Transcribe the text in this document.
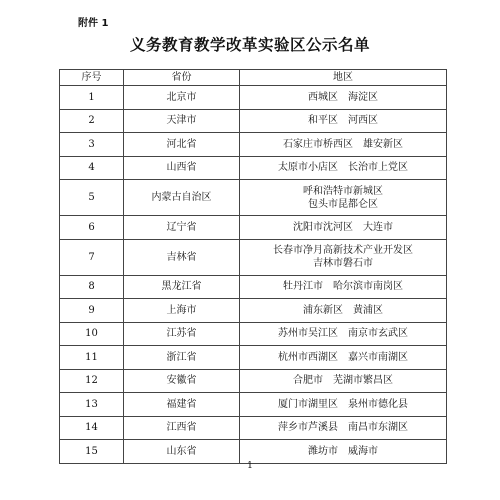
附件 1
义务教育教学改革实验区公示名单
序号	省份	地区
1	北京市	西城区　海淀区
2	天津市	和平区　河西区
3	河北省	石家庄市桥西区　雄安新区
4	山西省	太原市小店区　长治市上党区
5	内蒙古自治区	呼和浩特市新城区
包头市昆都仑区

6	辽宁省	沈阳市沈河区　大连市
7	吉林省	长春市净月高新技术产业开发区
吉林市磐石市

8	黑龙江省	牡丹江市　哈尔滨市南岗区
9	上海市	浦东新区　黄浦区
10	江苏省	苏州市吴江区　南京市玄武区
11	浙江省	杭州市西湖区　嘉兴市南湖区
12	安徽省	合肥市　芜湖市繁昌区
13	福建省	厦门市湖里区　泉州市德化县
14	江西省	萍乡市芦溪县　南昌市东湖区
15	山东省	潍坊市　威海市
1
